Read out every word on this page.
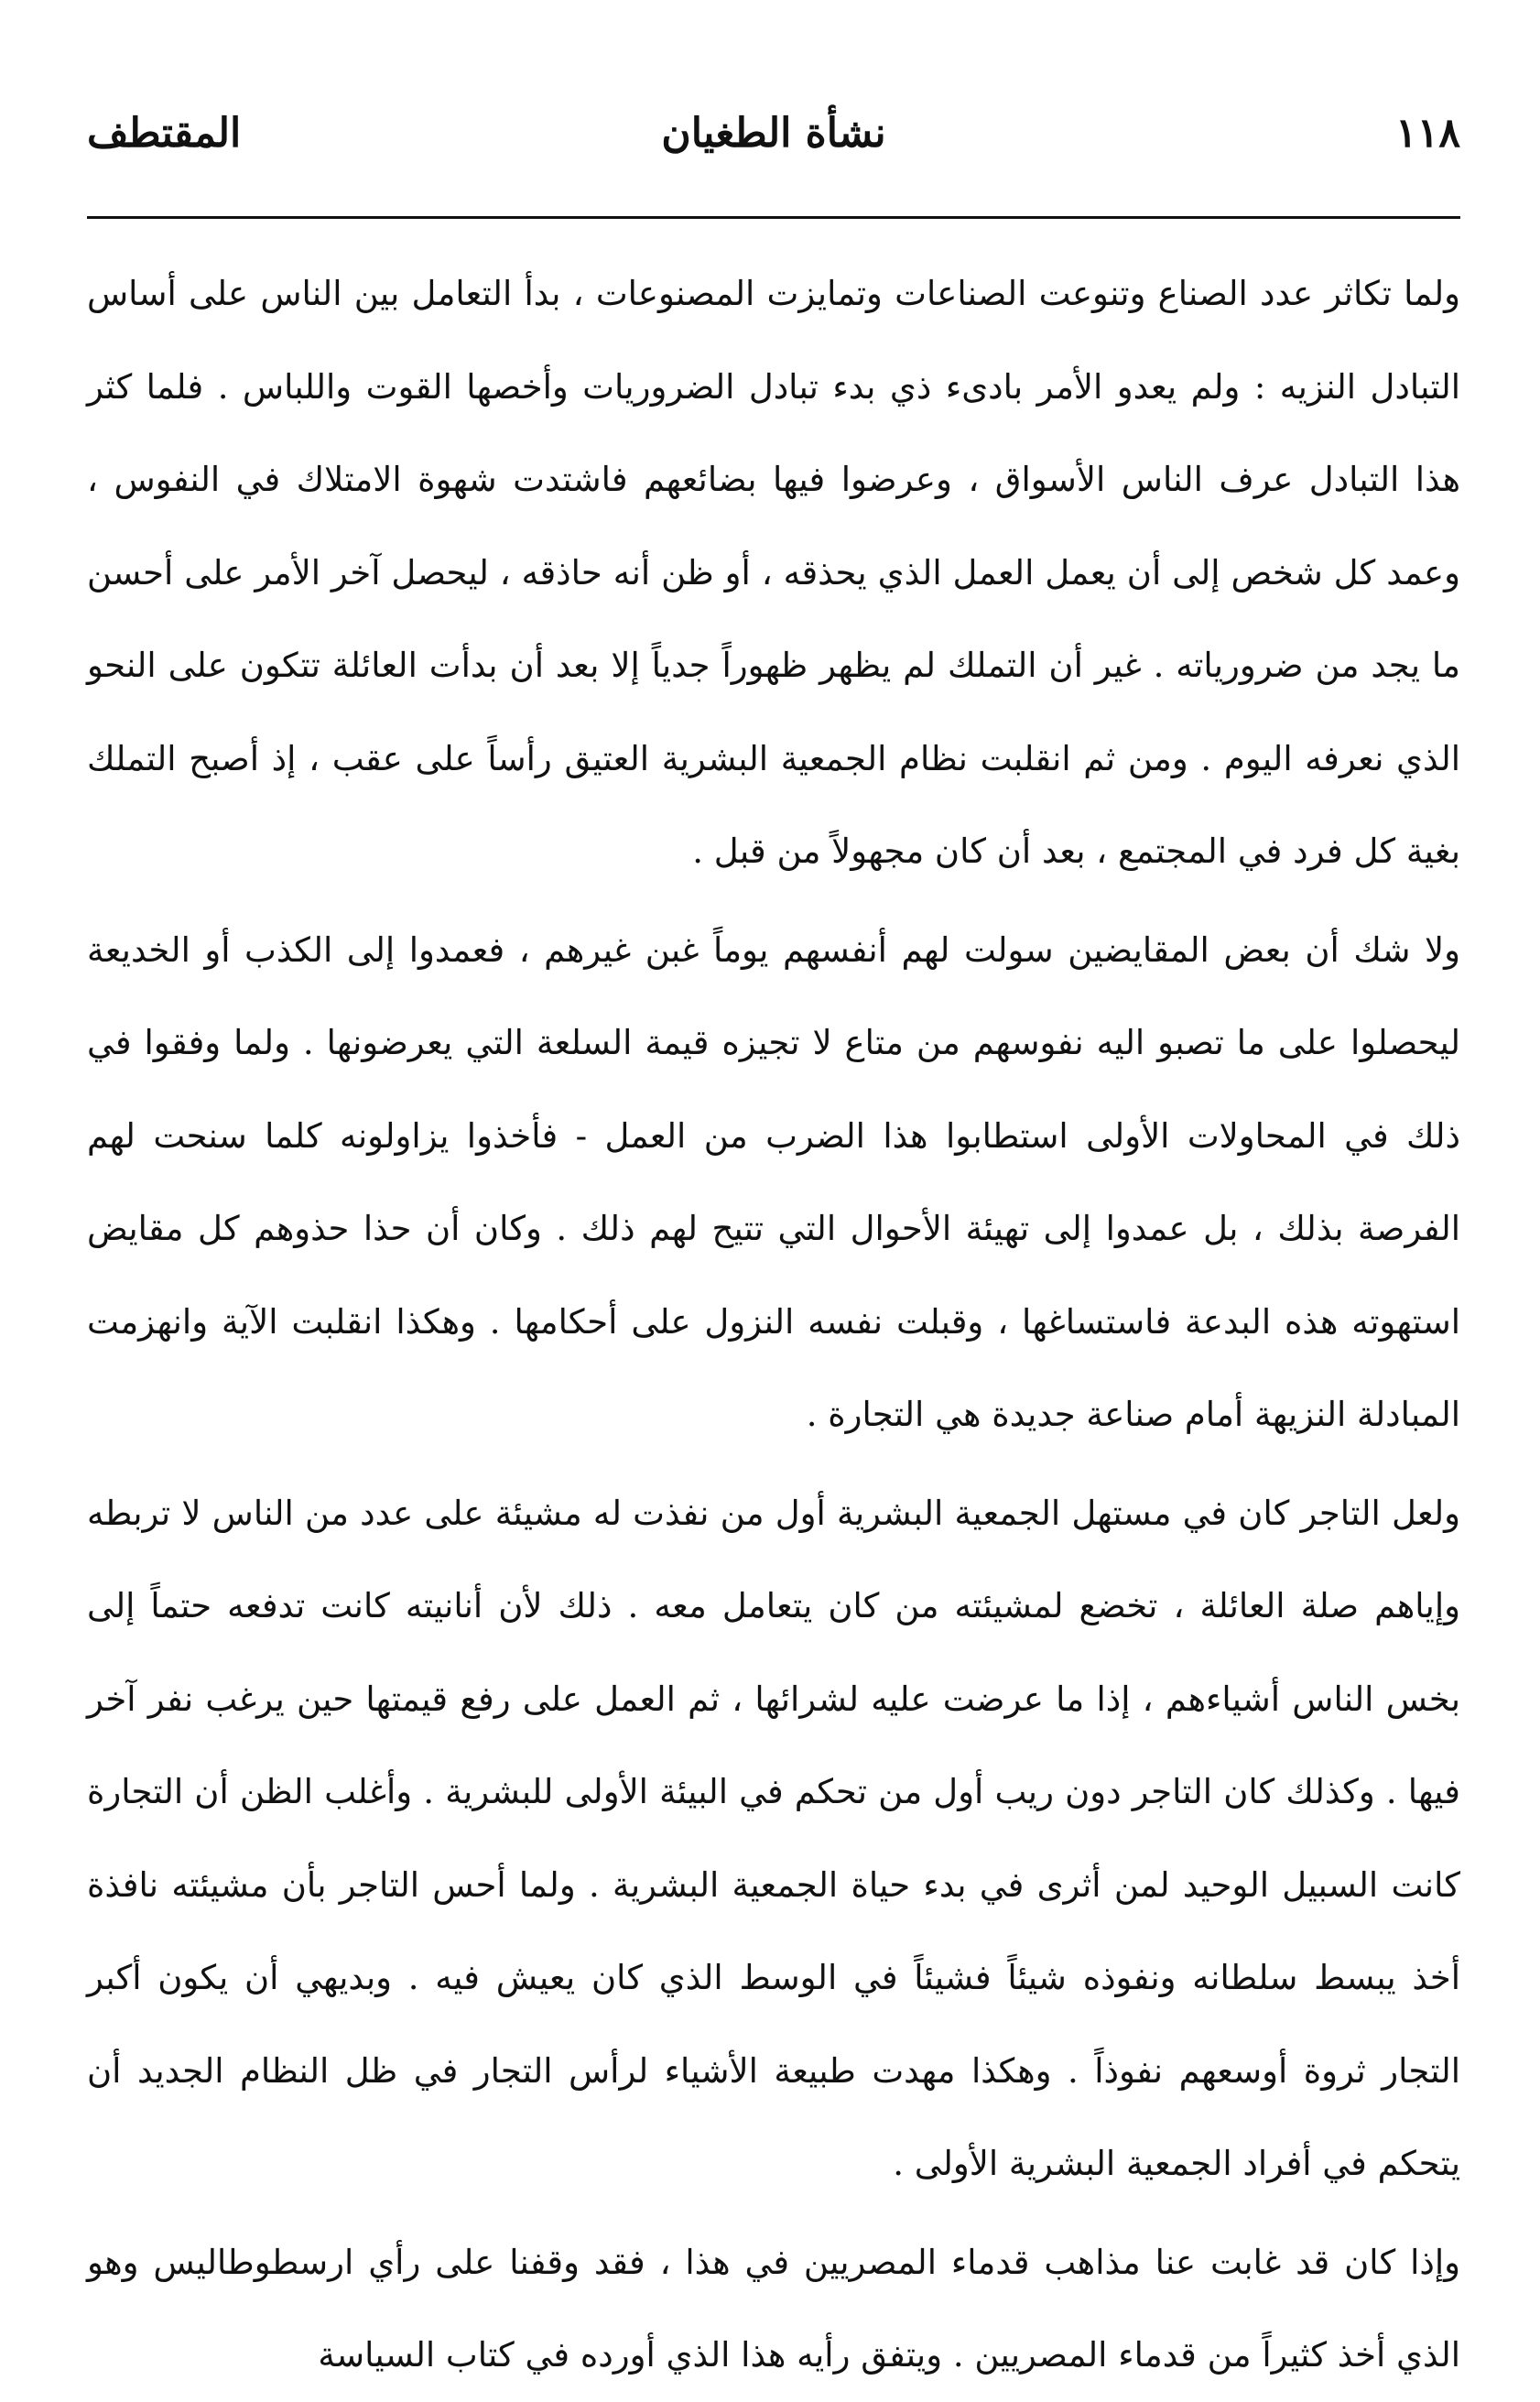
١١٨
نشأة الطغيان
المقتطف

ولما تكاثر عدد الصناع وتنوعت الصناعات وتمايزت المصنوعات ، بدأ التعامل بين الناس على أساس التبادل النزيه : ولم يعدو الأمر بادىء ذي بدء تبادل الضروريات وأخصها القوت واللباس . فلما كثر هذا التبادل عرف الناس الأسواق ، وعرضوا فيها بضائعهم فاشتدت شهوة الامتلاك في النفوس ، وعمد كل شخص إلى أن يعمل العمل الذي يحذقه ، أو ظن أنه حاذقه ، ليحصل آخر الأمر على أحسن ما يجد من ضرورياته . غير أن التملك لم يظهر ظهوراً جدياً إلا بعد أن بدأت العائلة تتكون على النحو الذي نعرفه اليوم . ومن ثم انقلبت نظام الجمعية البشرية العتيق رأساً على عقب ، إذ أصبح التملك بغية كل فرد في المجتمع ، بعد أن كان مجهولاً من قبل .

ولا شك أن بعض المقايضين سولت لهم أنفسهم يوماً غبن غيرهم ، فعمدوا إلى الكذب أو الخديعة ليحصلوا على ما تصبو اليه نفوسهم من متاع لا تجيزه قيمة السلعة التي يعرضونها . ولما وفقوا في ذلك في المحاولات الأولى استطابوا هذا الضرب من العمل - فأخذوا يزاولونه كلما سنحت لهم الفرصة بذلك ، بل عمدوا إلى تهيئة الأحوال التي تتيح لهم ذلك . وكان أن حذا حذوهم كل مقايض استهوته هذه البدعة فاستساغها ، وقبلت نفسه النزول على أحكامها . وهكذا انقلبت الآية وانهزمت المبادلة النزيهة أمام صناعة جديدة هي التجارة .

ولعل التاجر كان في مستهل الجمعية البشرية أول من نفذت له مشيئة على عدد من الناس لا تربطه وإياهم صلة العائلة ، تخضع لمشيئته من كان يتعامل معه . ذلك لأن أنانيته كانت تدفعه حتماً إلى بخس الناس أشياءهم ، إذا ما عرضت عليه لشرائها ، ثم العمل على رفع قيمتها حين يرغب نفر آخر فيها . وكذلك كان التاجر دون ريب أول من تحكم في البيئة الأولى للبشرية . وأغلب الظن أن التجارة كانت السبيل الوحيد لمن أثرى في بدء حياة الجمعية البشرية . ولما أحس التاجر بأن مشيئته نافذة أخذ يبسط سلطانه ونفوذه شيئاً فشيئاً في الوسط الذي كان يعيش فيه . وبديهي أن يكون أكبر التجار ثروة أوسعهم نفوذاً . وهكذا مهدت طبيعة الأشياء لرأس التجار في ظل النظام الجديد أن يتحكم في أفراد الجمعية البشرية الأولى .

وإذا كان قد غابت عنا مذاهب قدماء المصريين في هذا ، فقد وقفنا على رأي ارسطوطاليس وهو الذي أخذ كثيراً من قدماء المصريين . ويتفق رأيه هذا الذي أورده في كتاب السياسة
